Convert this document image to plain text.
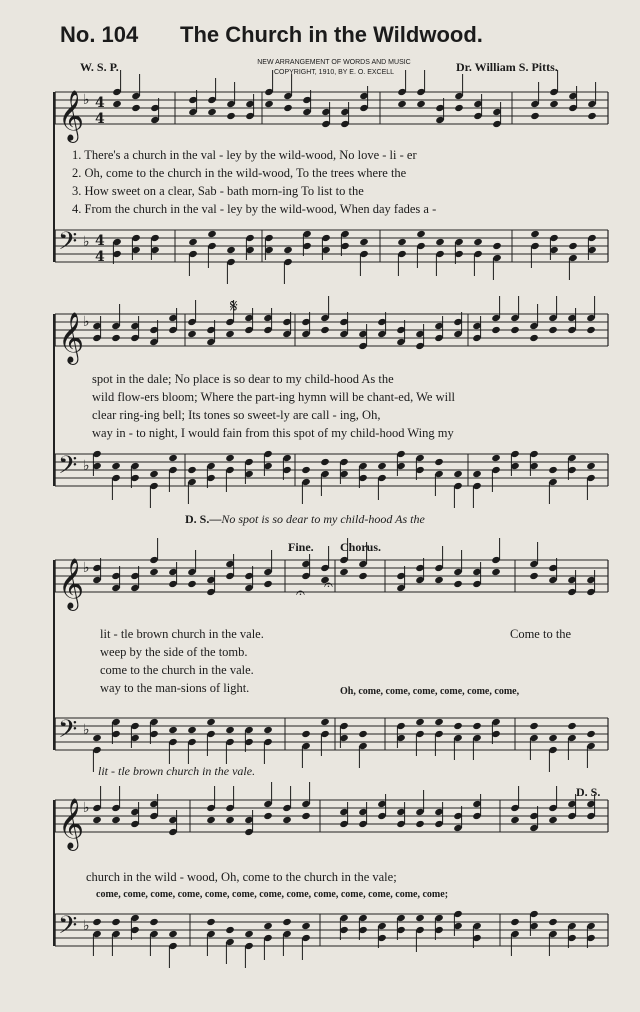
No. 104 The Church in the Wildwood.
W. S. P.	NEW ARRANGEMENT OF WORDS AND MUSIC
COPYRIGHT, 1910, BY E. O. EXCELL	Dr. William S. Pitts.
𝄞
♭ 4
4
𝄢 ♭ 4
4
𝄞
♭
𝄢 ♭
𝄞
♭
𝄢 ♭
𝄞
♭
𝄢 ♭
𝄋
𝄐 𝄐
1. There's a church in the val - ley by the wild-wood, No love - li - er
2. Oh, come to the church in the wild-wood, To the trees where the
3. How sweet on a clear, Sab - bath morn-ing To list to the
4. From the church in the val - ley by the wild-wood, When day fades a -
spot in the dale; No place is so dear to my child-hood As the
wild flow-ers bloom; Where the part-ing hymn will be chant-ed, We will
clear ring-ing bell; Its tones so sweet-ly are call - ing, Oh,
way in - to night, I would fain from this spot of my child-hood Wing my
D. S.—No spot is so dear to my child-hood As the
Fine. Chorus.
lit - tle brown church in the vale.
weep by the side of the tomb.
come to the church in the vale.
way to the man-sions of light.
Come to the
Oh, come, come, come, come, come, come,
lit - tle brown church in the vale.
D. S.
church in the wild - wood, Oh, come to the church in the vale;
come, come, come, come, come, come, come, come, come, come, come, come, come;
